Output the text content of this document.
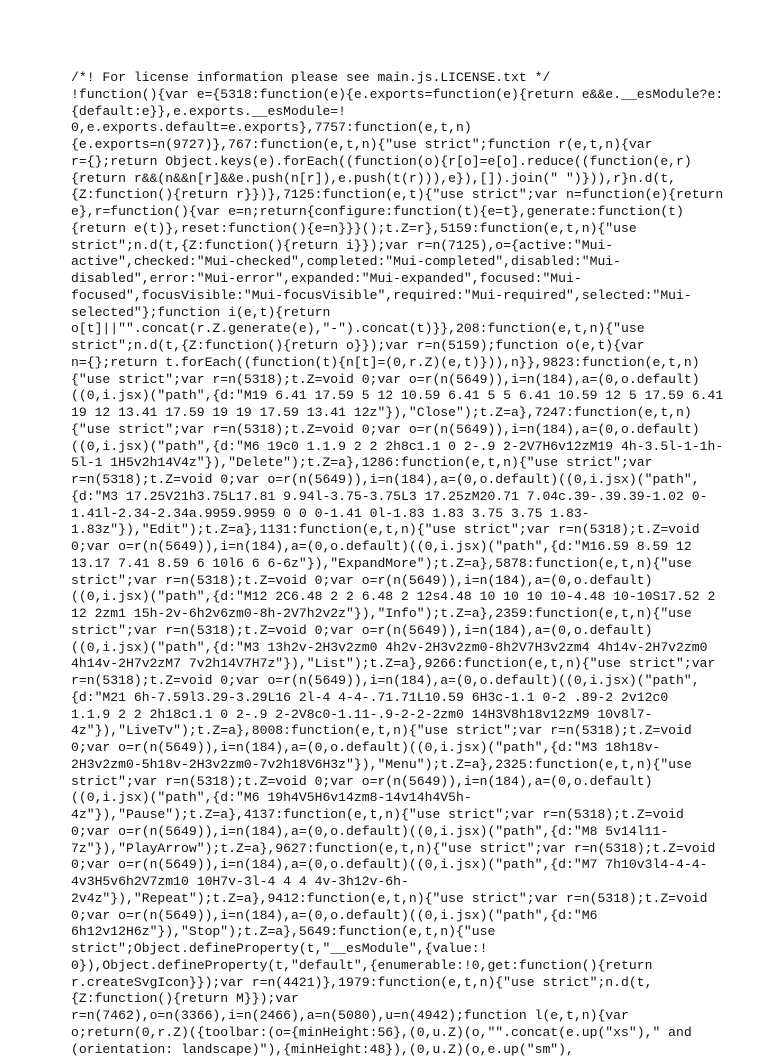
/*! For license information please see main.js.LICENSE.txt */
!function(){var e={5318:function(e){e.exports=function(e){return e&&e.__esModule?e:
{default:e}},e.exports.__esModule=!
0,e.exports.default=e.exports},7757:function(e,t,n)
{e.exports=n(9727)},767:function(e,t,n){"use strict";function r(e,t,n){var
r={};return Object.keys(e).forEach((function(o){r[o]=e[o].reduce((function(e,r)
{return r&&(n&&n[r]&&e.push(n[r]),e.push(t(r))),e}),[]).join(" ")})),r}n.d(t,
{Z:function(){return r}})},7125:function(e,t){"use strict";var n=function(e){return
e},r=function(){var e=n;return{configure:function(t){e=t},generate:function(t)
{return e(t)},reset:function(){e=n}}}();t.Z=r},5159:function(e,t,n){"use
strict";n.d(t,{Z:function(){return i}});var r=n(7125),o={active:"Mui-
active",checked:"Mui-checked",completed:"Mui-completed",disabled:"Mui-
disabled",error:"Mui-error",expanded:"Mui-expanded",focused:"Mui-
focused",focusVisible:"Mui-focusVisible",required:"Mui-required",selected:"Mui-
selected"};function i(e,t){return
o[t]||"".concat(r.Z.generate(e),"-").concat(t)}},208:function(e,t,n){"use
strict";n.d(t,{Z:function(){return o}});var r=n(5159);function o(e,t){var
n={};return t.forEach((function(t){n[t]=(0,r.Z)(e,t)})),n}},9823:function(e,t,n)
{"use strict";var r=n(5318);t.Z=void 0;var o=r(n(5649)),i=n(184),a=(0,o.default)
((0,i.jsx)("path",{d:"M19 6.41 17.59 5 12 10.59 6.41 5 5 6.41 10.59 12 5 17.59 6.41
19 12 13.41 17.59 19 19 17.59 13.41 12z"}),"Close");t.Z=a},7247:function(e,t,n)
{"use strict";var r=n(5318);t.Z=void 0;var o=r(n(5649)),i=n(184),a=(0,o.default)
((0,i.jsx)("path",{d:"M6 19c0 1.1.9 2 2 2h8c1.1 0 2-.9 2-2V7H6v12zM19 4h-3.5l-1-1h-
5l-1 1H5v2h14V4z"}),"Delete");t.Z=a},1286:function(e,t,n){"use strict";var
r=n(5318);t.Z=void 0;var o=r(n(5649)),i=n(184),a=(0,o.default)((0,i.jsx)("path",
{d:"M3 17.25V21h3.75L17.81 9.94l-3.75-3.75L3 17.25zM20.71 7.04c.39-.39.39-1.02 0-
1.41l-2.34-2.34a.9959.9959 0 0 0-1.41 0l-1.83 1.83 3.75 3.75 1.83-
1.83z"}),"Edit");t.Z=a},1131:function(e,t,n){"use strict";var r=n(5318);t.Z=void
0;var o=r(n(5649)),i=n(184),a=(0,o.default)((0,i.jsx)("path",{d:"M16.59 8.59 12
13.17 7.41 8.59 6 10l6 6 6-6z"}),"ExpandMore");t.Z=a},5878:function(e,t,n){"use
strict";var r=n(5318);t.Z=void 0;var o=r(n(5649)),i=n(184),a=(0,o.default)
((0,i.jsx)("path",{d:"M12 2C6.48 2 2 6.48 2 12s4.48 10 10 10 10-4.48 10-10S17.52 2
12 2zm1 15h-2v-6h2v6zm0-8h-2V7h2v2z"}),"Info");t.Z=a},2359:function(e,t,n){"use
strict";var r=n(5318);t.Z=void 0;var o=r(n(5649)),i=n(184),a=(0,o.default)
((0,i.jsx)("path",{d:"M3 13h2v-2H3v2zm0 4h2v-2H3v2zm0-8h2V7H3v2zm4 4h14v-2H7v2zm0
4h14v-2H7v2zM7 7v2h14V7H7z"}),"List");t.Z=a},9266:function(e,t,n){"use strict";var
r=n(5318);t.Z=void 0;var o=r(n(5649)),i=n(184),a=(0,o.default)((0,i.jsx)("path",
{d:"M21 6h-7.59l3.29-3.29L16 2l-4 4-4-.71.71L10.59 6H3c-1.1 0-2 .89-2 2v12c0
1.1.9 2 2 2h18c1.1 0 2-.9 2-2V8c0-1.11-.9-2-2-2zm0 14H3V8h18v12zM9 10v8l7-
4z"}),"LiveTv");t.Z=a},8008:function(e,t,n){"use strict";var r=n(5318);t.Z=void
0;var o=r(n(5649)),i=n(184),a=(0,o.default)((0,i.jsx)("path",{d:"M3 18h18v-
2H3v2zm0-5h18v-2H3v2zm0-7v2h18V6H3z"}),"Menu");t.Z=a},2325:function(e,t,n){"use
strict";var r=n(5318);t.Z=void 0;var o=r(n(5649)),i=n(184),a=(0,o.default)
((0,i.jsx)("path",{d:"M6 19h4V5H6v14zm8-14v14h4V5h-
4z"}),"Pause");t.Z=a},4137:function(e,t,n){"use strict";var r=n(5318);t.Z=void
0;var o=r(n(5649)),i=n(184),a=(0,o.default)((0,i.jsx)("path",{d:"M8 5v14l11-
7z"}),"PlayArrow");t.Z=a},9627:function(e,t,n){"use strict";var r=n(5318);t.Z=void
0;var o=r(n(5649)),i=n(184),a=(0,o.default)((0,i.jsx)("path",{d:"M7 7h10v3l4-4-4-
4v3H5v6h2V7zm10 10H7v-3l-4 4 4 4v-3h12v-6h-
2v4z"}),"Repeat");t.Z=a},9412:function(e,t,n){"use strict";var r=n(5318);t.Z=void
0;var o=r(n(5649)),i=n(184),a=(0,o.default)((0,i.jsx)("path",{d:"M6
6h12v12H6z"}),"Stop");t.Z=a},5649:function(e,t,n){"use
strict";Object.defineProperty(t,"__esModule",{value:!
0}),Object.defineProperty(t,"default",{enumerable:!0,get:function(){return
r.createSvgIcon}});var r=n(4421)},1979:function(e,t,n){"use strict";n.d(t,
{Z:function(){return M}});var
r=n(7462),o=n(3366),i=n(2466),a=n(5080),u=n(4942);function l(e,t,n){var
o;return(0,r.Z)({toolbar:(o={minHeight:56},(0,u.Z)(o,"".concat(e.up("xs")," and
(orientation: landscape)"),{minHeight:48}),(0,u.Z)(o,e.up("sm"),
